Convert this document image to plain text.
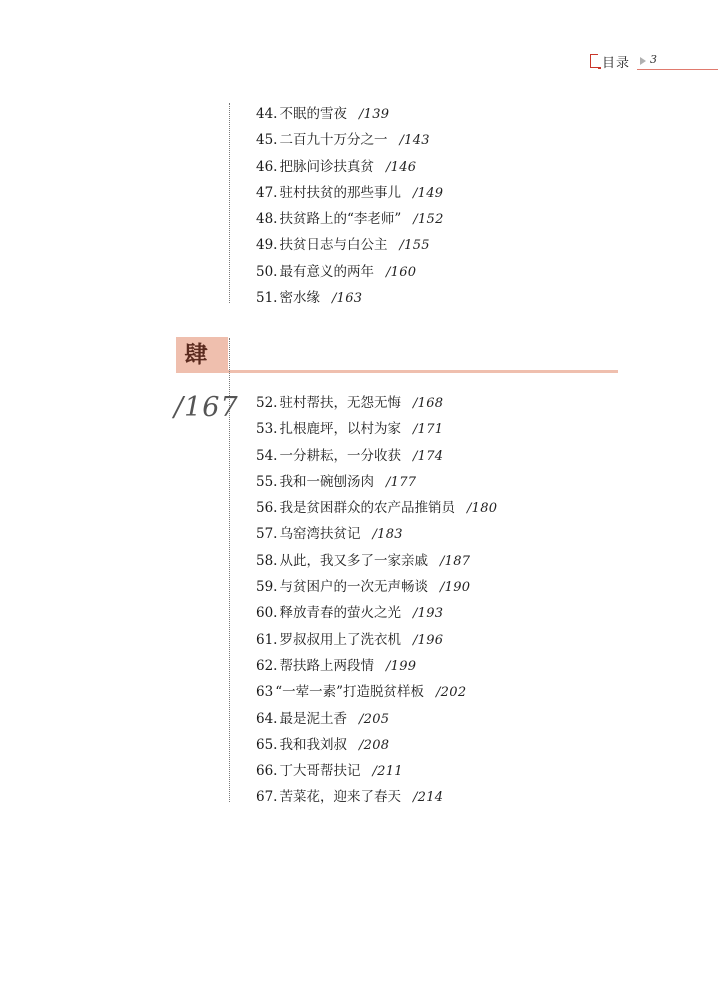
目录 3
44. 不眠的雪夜 /139
45. 二百九十万分之一 /143
46. 把脉问诊扶真贫 /146
47. 驻村扶贫的那些事儿 /149
48. 扶贫路上的“李老师” /152
49. 扶贫日志与白公主 /155
50. 最有意义的两年 /160
51. 密水缘 /163
肆
/167 52. 驻村帮扶，无怨无悔 /168
53. 扎根鹿坪，以村为家 /171
54. 一分耕耘，一分收获 /174
55. 我和一碗刨汤肉 /177
56. 我是贫困群众的农产品推销员 /180
57. 乌窑湾扶贫记 /183
58. 从此，我又多了一家亲戚 /187
59. 与贫困户的一次无声畅谈 /190
60. 释放青春的萤火之光 /193
61. 罗叔叔用上了洗衣机 /196
62. 帮扶路上两段情 /199
63 “一荤一素”打造脱贫样板 /202
64. 最是泥土香 /205
65. 我和我刘叔 /208
66. 丁大哥帮扶记 /211
67. 苦菜花，迎来了春天 /214
